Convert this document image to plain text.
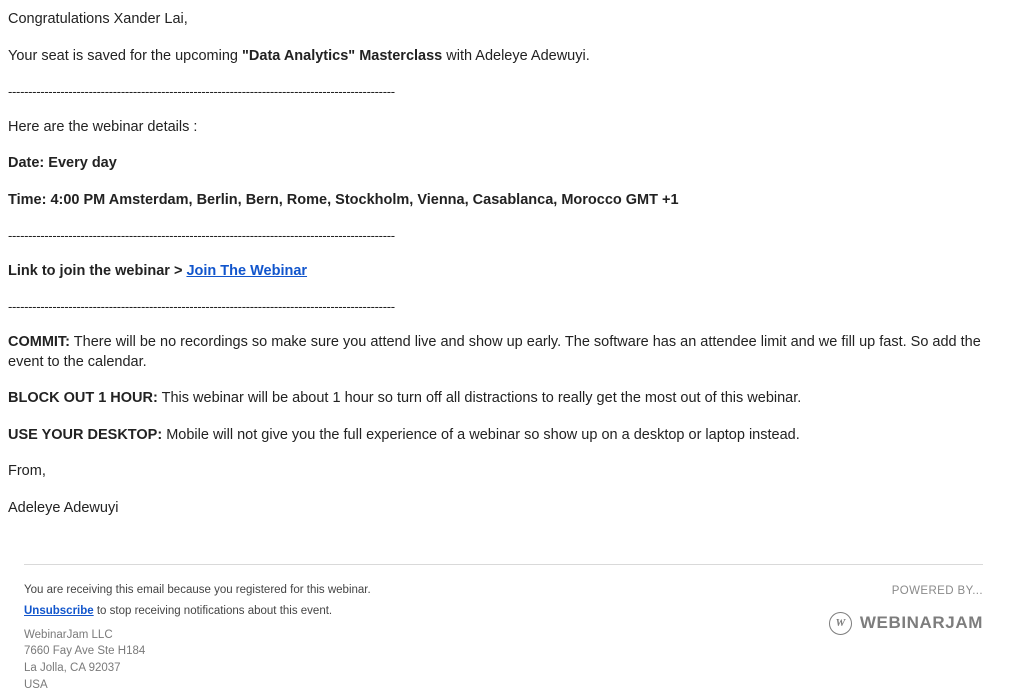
Congratulations Xander Lai,

Your seat is saved for the upcoming "Data Analytics" Masterclass with Adeleye Adewuyi.

------------------------------------------------------------------------------------------------

Here are the webinar details :

Date: Every day

Time: 4:00 PM Amsterdam, Berlin, Bern, Rome, Stockholm, Vienna, Casablanca, Morocco GMT +1

------------------------------------------------------------------------------------------------

Link to join the webinar > Join The Webinar

------------------------------------------------------------------------------------------------

COMMIT: There will be no recordings so make sure you attend live and show up early. The software has an attendee limit and we fill up fast. So add the event to the calendar.

BLOCK OUT 1 HOUR: This webinar will be about 1 hour so turn off all distractions to really get the most out of this webinar.

USE YOUR DESKTOP: Mobile will not give you the full experience of a webinar so show up on a desktop or laptop instead.

From,

Adeleye Adewuyi

You are receiving this email because you registered for this webinar.
Unsubscribe to stop receiving notifications about this event.
WebinarJam LLC
7660 Fay Ave Ste H184
La Jolla, CA 92037
USA
POWERED BY...
W WEBINARJAM
